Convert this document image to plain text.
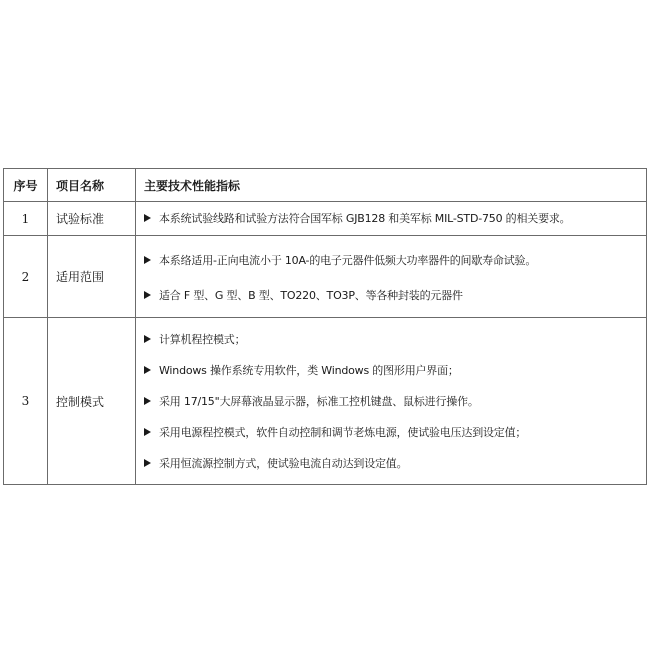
序号	项目名称	主要技术性能指标
1	试验标准	本系统试验线路和试验方法符合国军标 GJB128 和美军标 MIL-STD-750 的相关要求。

2	适用范围	本系络适用-正向电流小于 10A-的电子元器件低频大功率器件的间歇寿命试验。
适合 F 型、G 型、B 型、TO220、TO3P、等各种封装的元器件

3	控制模式	计算机程控模式；
Windows 操作系统专用软件，类 Windows 的图形用户界面；
采用 17/15"大屏幕液晶显示器，标准工控机键盘、鼠标进行操作。
采用电源程控模式，软件自动控制和调节老炼电源，使试验电压达到设定值；
采用恒流源控制方式，使试验电流自动达到设定值。
